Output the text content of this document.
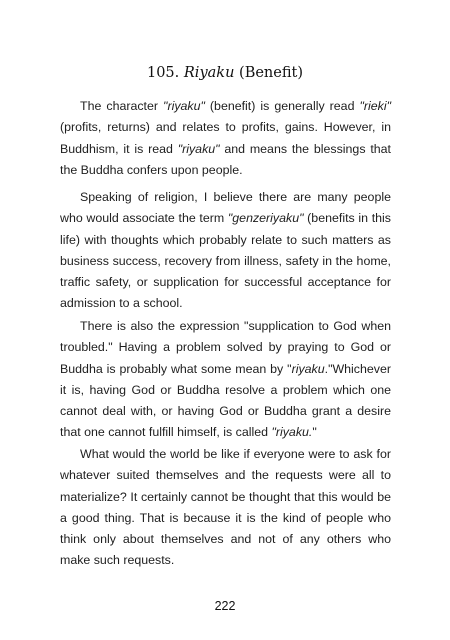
105. Riyaku (Benefit)

The character "riyaku" (benefit) is generally read "rieki" (profits, returns) and relates to profits, gains. However, in Buddhism, it is read "riyaku" and means the blessings that the Buddha confers upon people.

Speaking of religion, I believe there are many people who would associate the term "genzeriyaku" (benefits in this life) with thoughts which probably relate to such matters as business success, recovery from illness, safety in the home, traffic safety, or supplication for successful acceptance for admission to a school.

There is also the expression "supplication to God when troubled." Having a problem solved by praying to God or Buddha is probably what some mean by "riyaku."Whichever it is, having God or Buddha resolve a problem which one cannot deal with, or having God or Buddha grant a desire that one cannot fulfill himself, is called "riyaku."

What would the world be like if everyone were to ask for whatever suited themselves and the requests were all to materialize? It certainly cannot be thought that this would be a good thing. That is because it is the kind of people who think only about themselves and not of any others who make such requests.

222
